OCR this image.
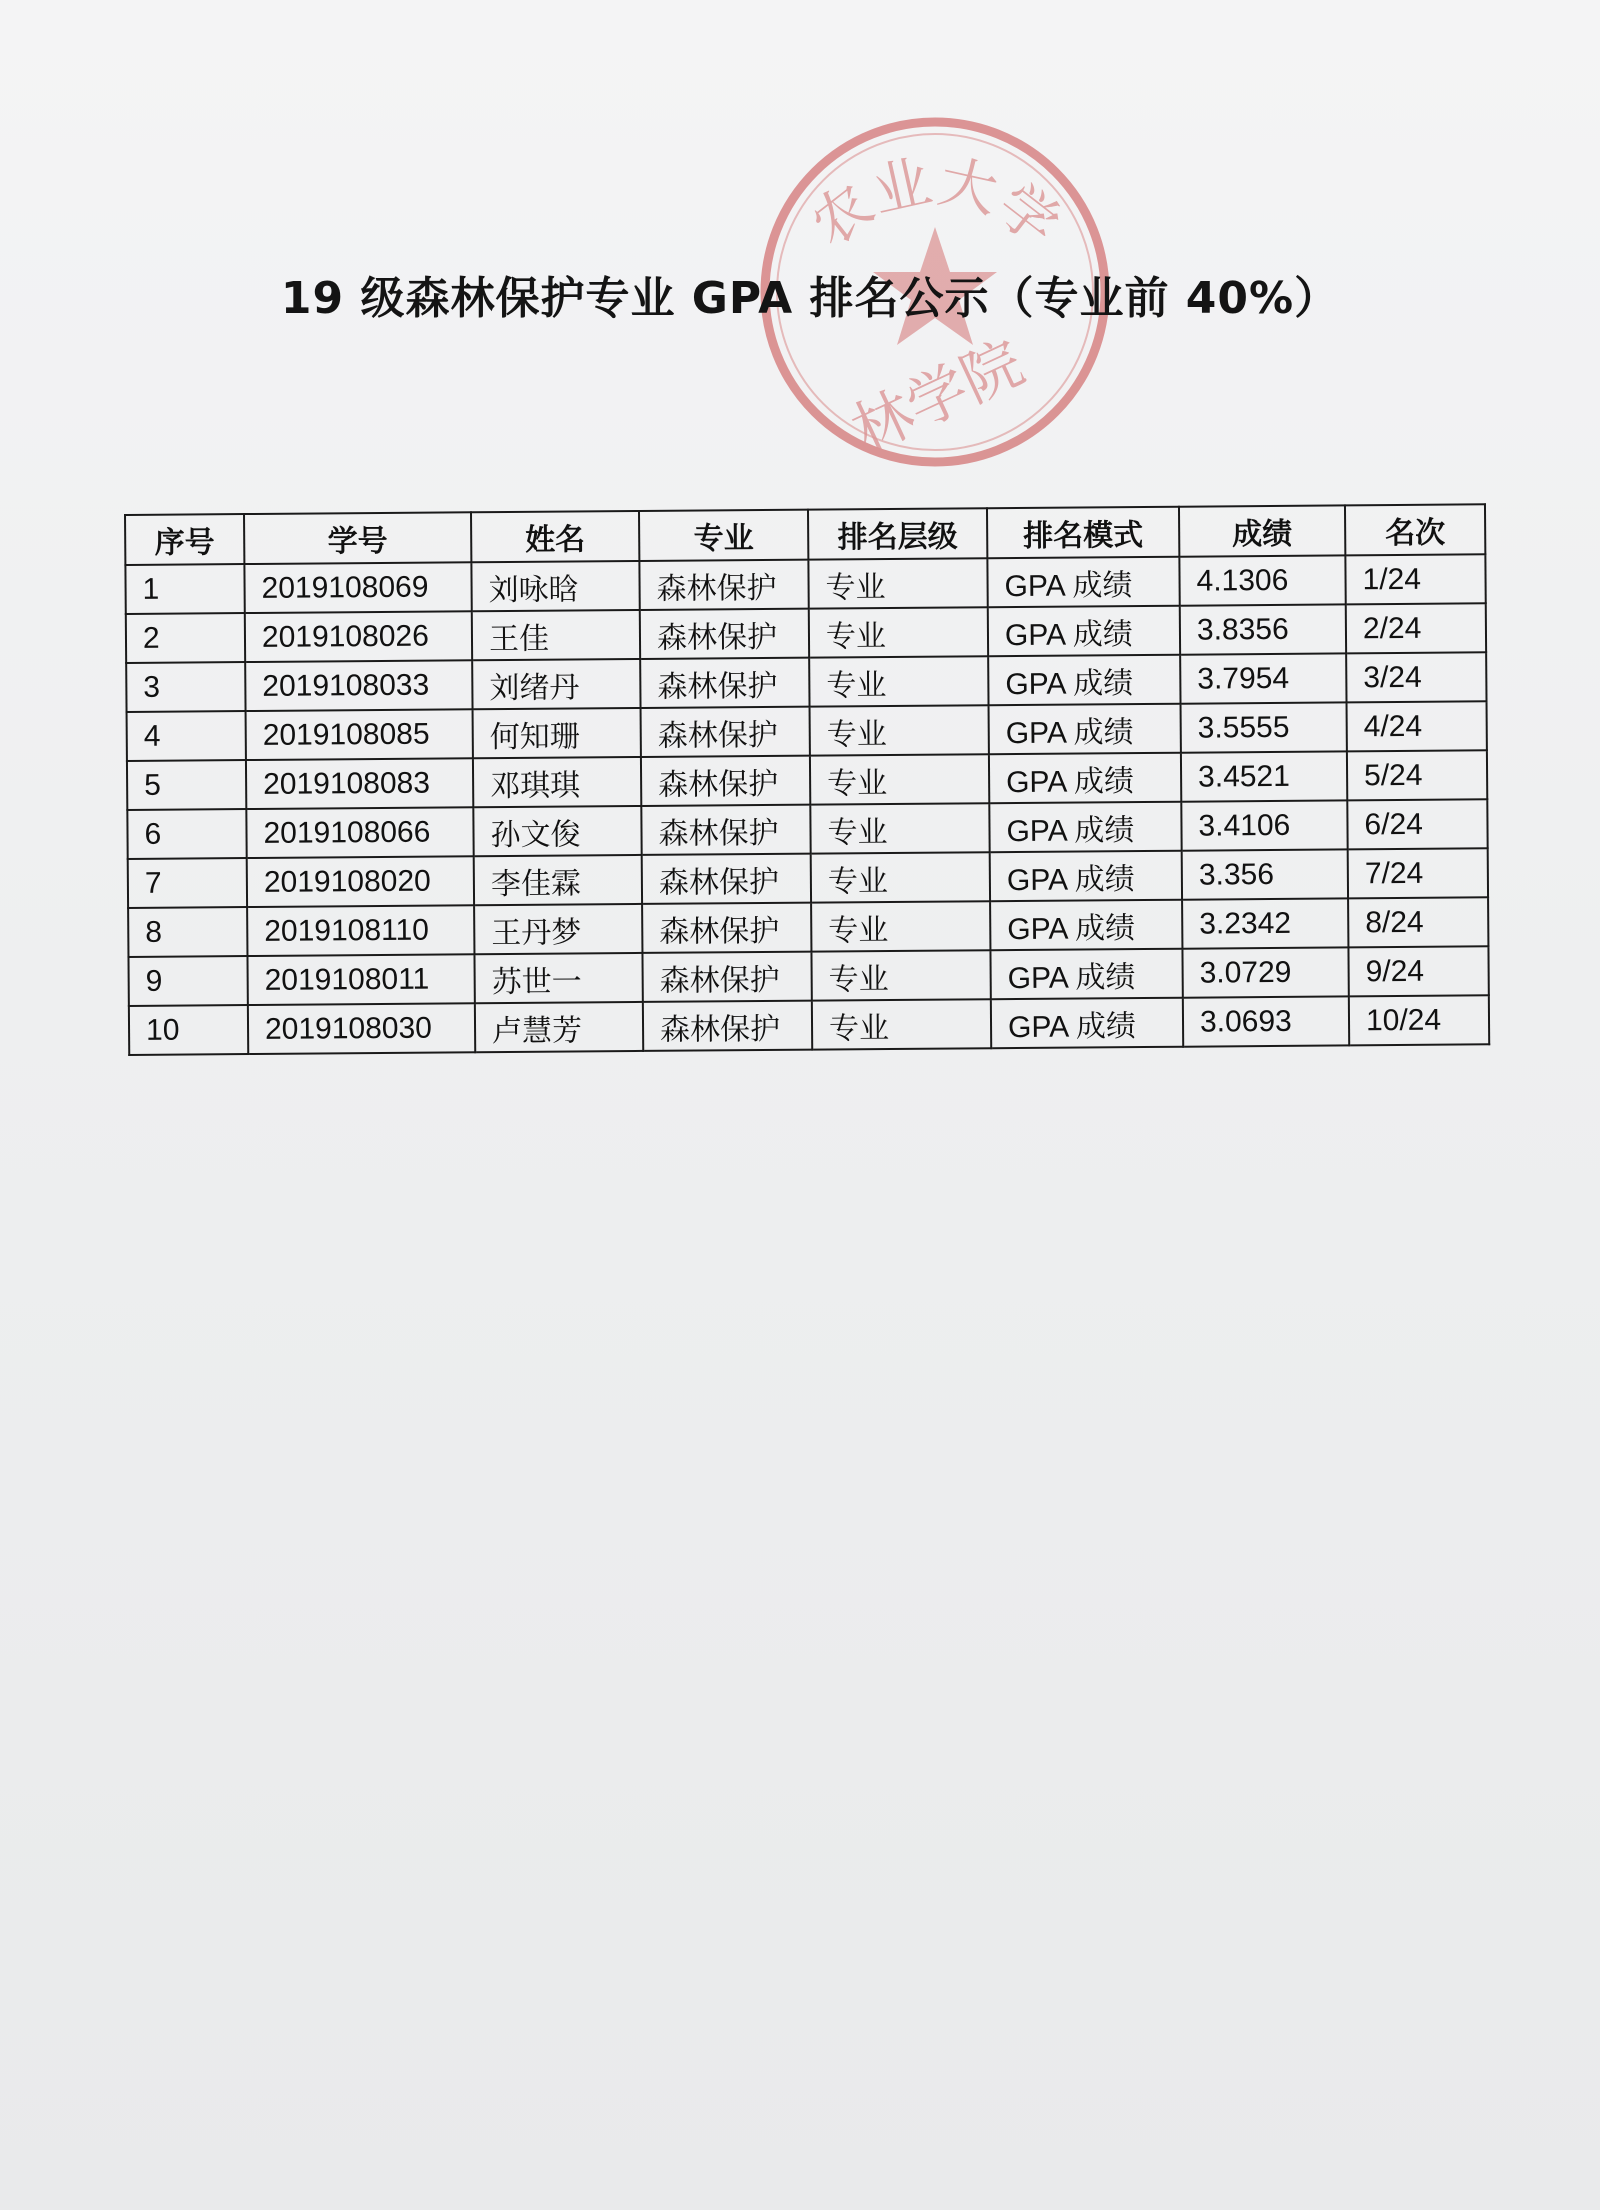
农业大学
林学院
19 级森林保护专业 GPA 排名公示（专业前 40%）
序号	学号	姓名	专业	排名层级	排名模式	成绩	名次
1	2019108069	刘咏晗	森林保护	专业	GPA 成绩	4.1306	1/24
2	2019108026	王佳	森林保护	专业	GPA 成绩	3.8356	2/24
3	2019108033	刘绪丹	森林保护	专业	GPA 成绩	3.7954	3/24
4	2019108085	何知珊	森林保护	专业	GPA 成绩	3.5555	4/24
5	2019108083	邓琪琪	森林保护	专业	GPA 成绩	3.4521	5/24
6	2019108066	孙文俊	森林保护	专业	GPA 成绩	3.4106	6/24
7	2019108020	李佳霖	森林保护	专业	GPA 成绩	3.356	7/24
8	2019108110	王丹梦	森林保护	专业	GPA 成绩	3.2342	8/24
9	2019108011	苏世一	森林保护	专业	GPA 成绩	3.0729	9/24
10	2019108030	卢慧芳	森林保护	专业	GPA 成绩	3.0693	10/24
